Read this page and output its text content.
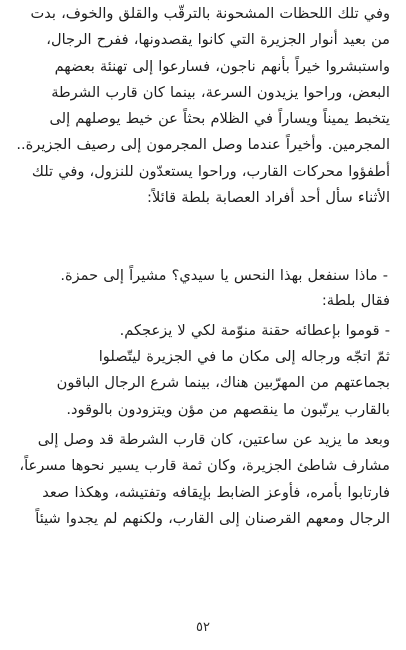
وفي تلك اللحظات المشحونة بالترقّب والقلق والخوف، بدت
من بعيد أنوار الجزيرة التي كانوا يقصدونها، ففرح الرجال،
واستبشروا خيراً بأنهم ناجون، فسارعوا إلى تهنئة بعضهم
البعض، وراحوا يزيدون السرعة، بينما كان قارب الشرطة
يتخبط يميناً ويساراً في الظلام بحثاً عن خيط يوصلهم إلى
المجرمين. وأخيراً عندما وصل المجرمون إلى رصيف الجزيرة..
أطفؤوا محركات القارب، وراحوا يستعدّون للنزول، وفي تلك
الأثناء سأل أحد أفراد العصابة بلطة قائلاً:
- ماذا سنفعل بهذا النحس يا سيدي؟ مشيراً إلى حمزة.
فقال بلطة:
- قوموا بإعطائه حقنة منوّمة لكي لا يزعجكم.
ثمّ اتجّه ورجاله إلى مكان ما في الجزيرة ليتّصلوا
بجماعتهم من المهرّبين هناك، بينما شرع الرجال الباقون
بالقارب يرتّبون ما ينقصهم من مؤن ويتزودون بالوقود.
وبعد ما يزيد عن ساعتين، كان قارب الشرطة قد وصل إلى
مشارف شاطئ الجزيرة، وكان ثمة قارب يسير نحوها مسرعاً،
فارتابوا بأمره، فأوعز الضابط بإيقافه وتفتيشه، وهكذا صعد
الرجال ومعهم القرصنان إلى القارب، ولكنهم لم يجدوا شيئاً
٥٢
